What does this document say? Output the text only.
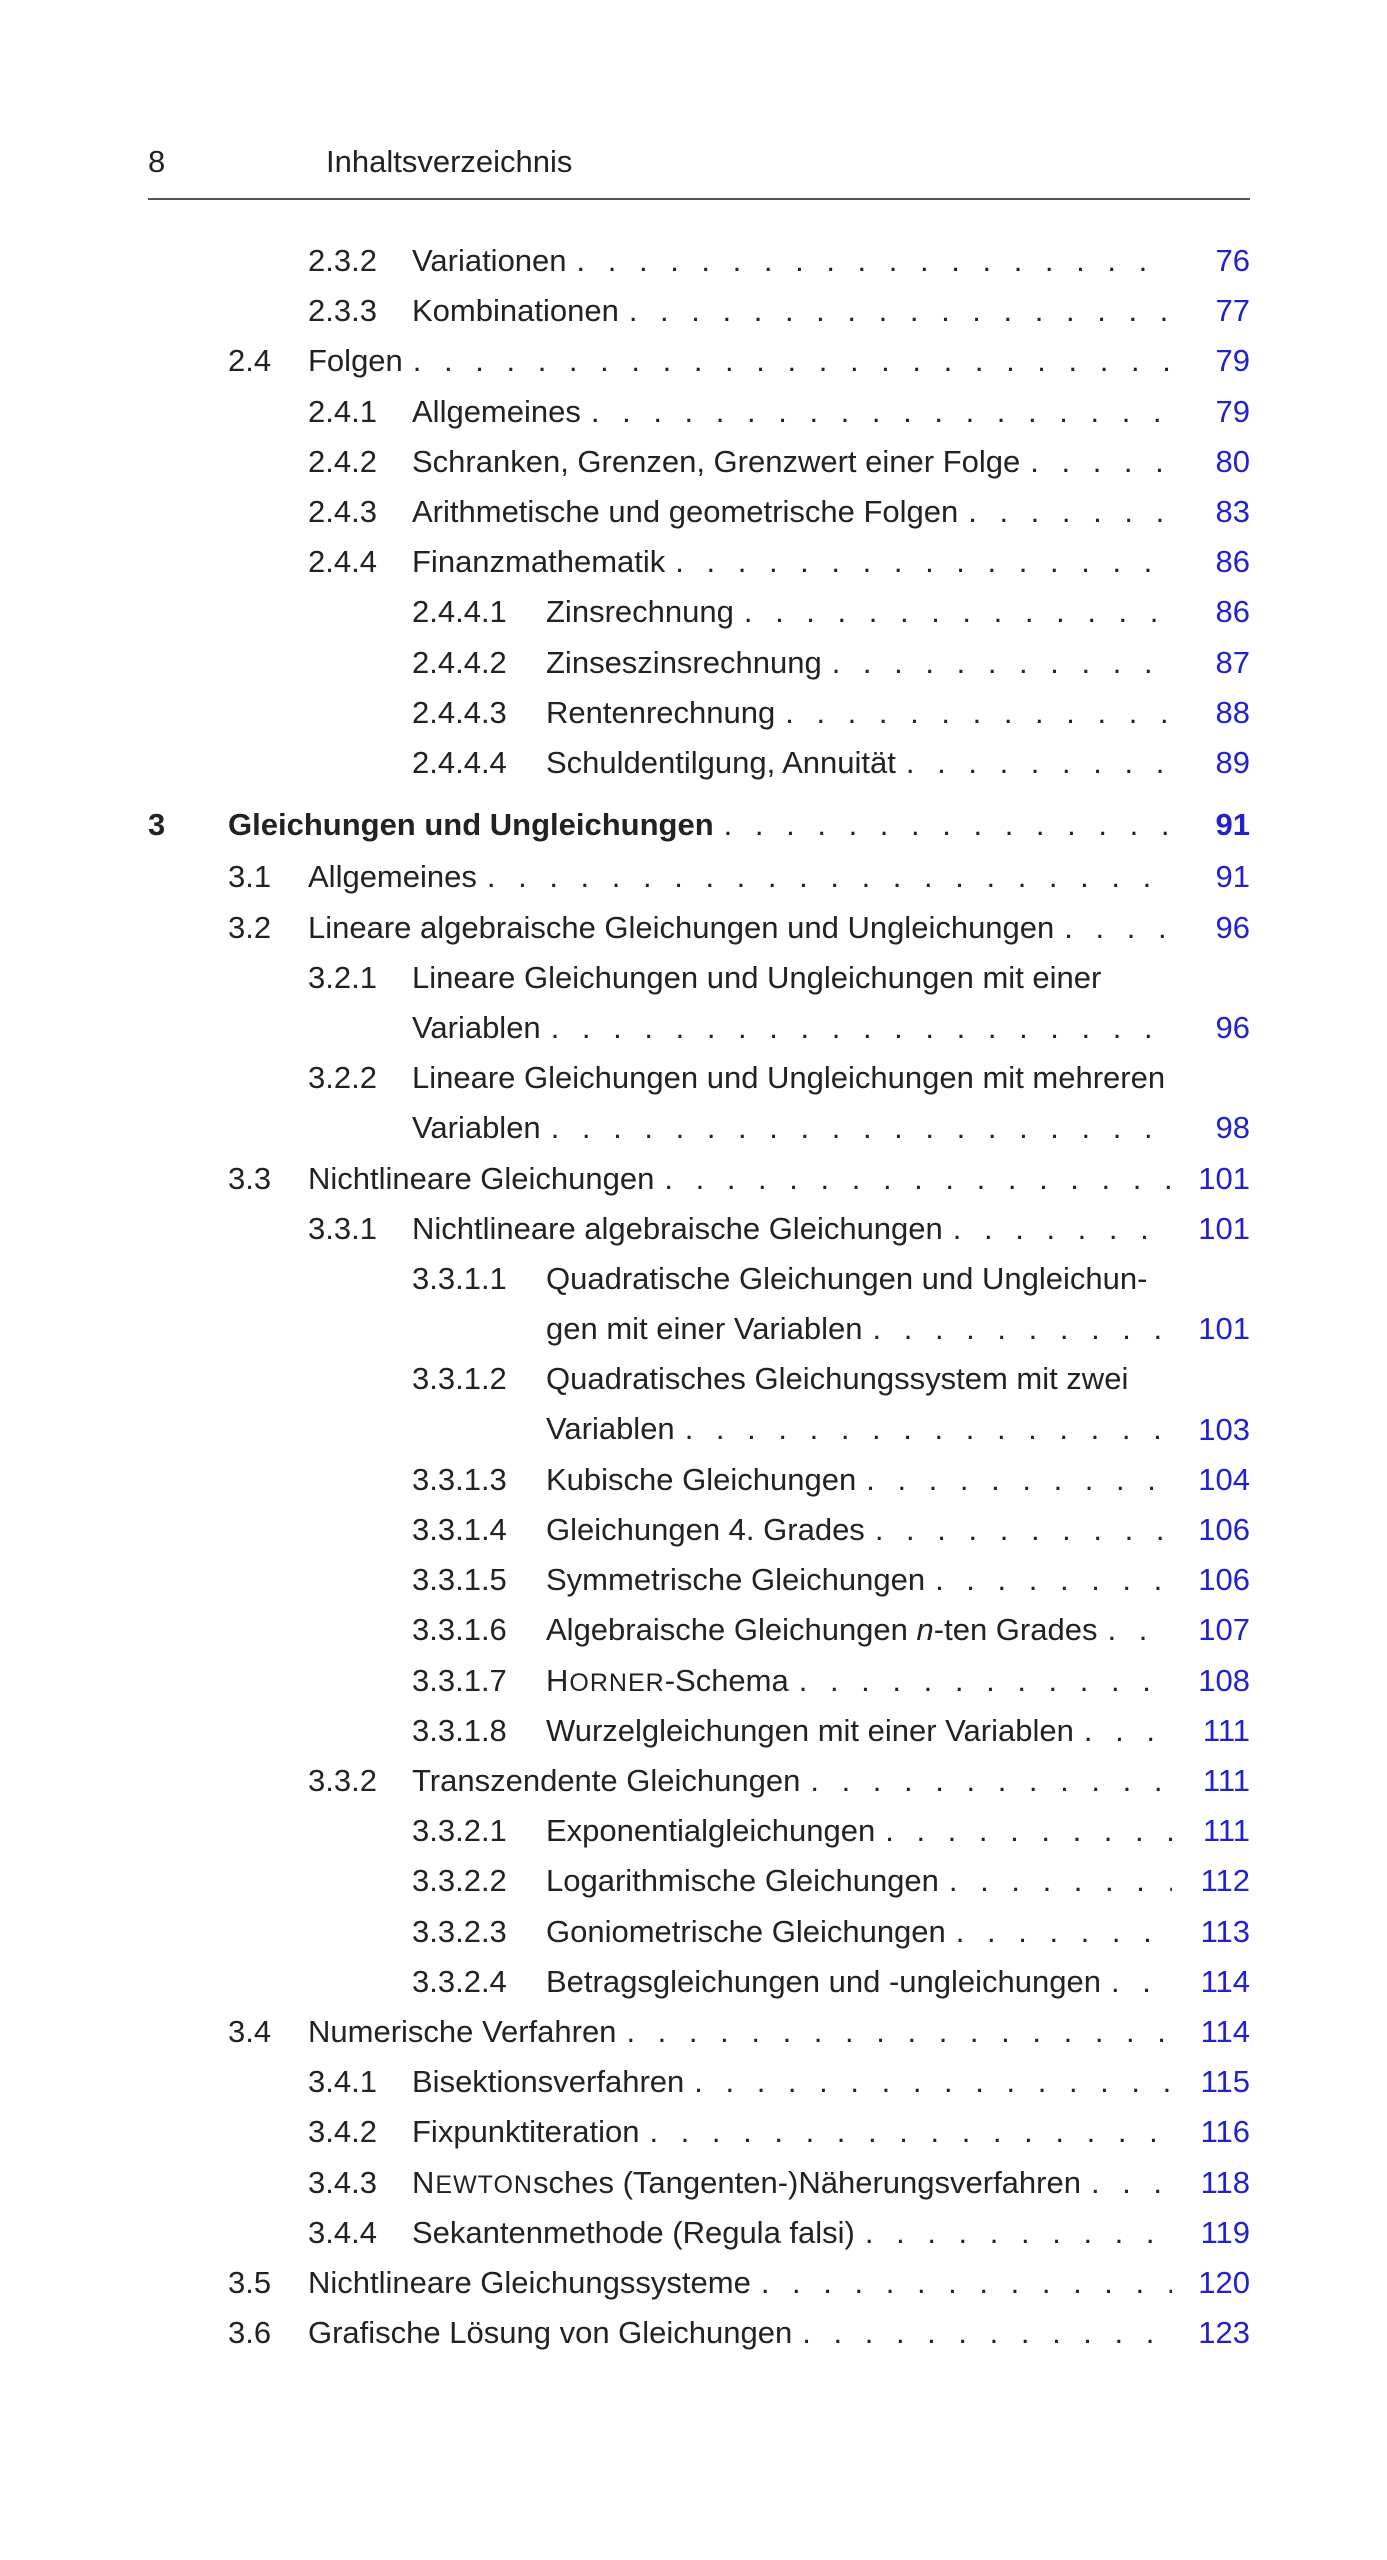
8	Inhaltsverzeichnis
2.3.2 Variationen . . .	76
2.3.3 Kombinationen . . .	77
2.4 Folgen . . .	79
2.4.1 Allgemeines . . .	79
2.4.2 Schranken, Grenzen, Grenzwert einer Folge . . .	80
2.4.3 Arithmetische und geometrische Folgen . . .	83
2.4.4 Finanzmathematik . . .	86
2.4.4.1 Zinsrechnung . . .	86
2.4.4.2 Zinseszinsrechnung . . .	87
2.4.4.3 Rentenrechnung . . .	88
2.4.4.4 Schuldentilgung, Annuität . . .	89
3 Gleichungen und Ungleichungen . . .	91
3.1 Allgemeines . . .	91
3.2 Lineare algebraische Gleichungen und Ungleichungen . . .	96
3.2.1 Lineare Gleichungen und Ungleichungen mit einer
Variablen . . .	96
3.2.2 Lineare Gleichungen und Ungleichungen mit mehreren
Variablen . . .	98
3.3 Nichtlineare Gleichungen . . .	101
3.3.1 Nichtlineare algebraische Gleichungen . . .	101
3.3.1.1 Quadratische Gleichungen und Ungleichun-
gen mit einer Variablen . . .	101
3.3.1.2 Quadratisches Gleichungssystem mit zwei
Variablen . . .	103
3.3.1.3 Kubische Gleichungen . . .	104
3.3.1.4 Gleichungen 4. Grades . . .	106
3.3.1.5 Symmetrische Gleichungen . . .	106
3.3.1.6 Algebraische Gleichungen n-ten Grades . . .	107
3.3.1.7 HORNER-Schema . . .	108
3.3.1.8 Wurzelgleichungen mit einer Variablen . . .	111
3.3.2 Transzendente Gleichungen . . .	111
3.3.2.1 Exponentialgleichungen . . .	111
3.3.2.2 Logarithmische Gleichungen . . .	112
3.3.2.3 Goniometrische Gleichungen . . .	113
3.3.2.4 Betragsgleichungen und -ungleichungen . . .	114
3.4 Numerische Verfahren . . .	114
3.4.1 Bisektionsverfahren . . .	115
3.4.2 Fixpunktiteration . . .	116
3.4.3 NEWTONsches (Tangenten-)Näherungsverfahren . . .	118
3.4.4 Sekantenmethode (Regula falsi) . . .	119
3.5 Nichtlineare Gleichungssysteme . . .	120
3.6 Grafische Lösung von Gleichungen . . .	123
